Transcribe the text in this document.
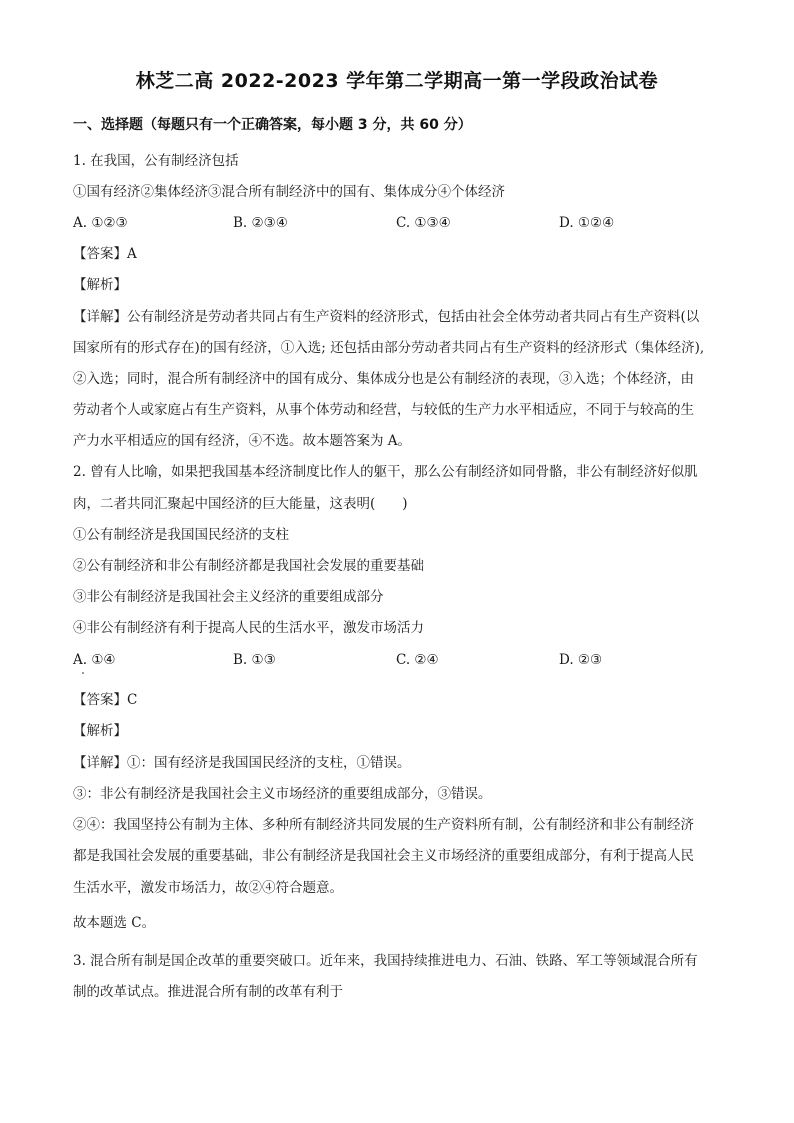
林芝二高 2022-2023 学年第二学期高一第一学段政治试卷
一、选择题（每题只有一个正确答案，每小题 3 分，共 60 分）
1. 在我国，公有制经济包括
①国有经济②集体经济③混合所有制经济中的国有、集体成分④个体经济
A. ①②③	B. ②③④	C. ①③④	D. ①②④
【答案】A
【解析】
【详解】公有制经济是劳动者共同占有生产资料的经济形式，包括由社会全体劳动者共同占有生产资料(以
国家所有的形式存在)的国有经济，①入选; 还包括由部分劳动者共同占有生产资料的经济形式（集体经济),
②入选；同时，混合所有制经济中的国有成分、集体成分也是公有制经济的表现，③入选；个体经济，由
劳动者个人或家庭占有生产资料，从事个体劳动和经营，与较低的生产力水平相适应，不同于与较高的生
产力水平相适应的国有经济，④不选。故本题答案为 A。
2. 曾有人比喻，如果把我国基本经济制度比作人的躯干，那么公有制经济如同骨骼，非公有制经济好似肌
肉，二者共同汇聚起中国经济的巨大能量，这表明(　　)
①公有制经济是我国国民经济的支柱
②公有制经济和非公有制经济都是我国社会发展的重要基础
③非公有制经济是我国社会主义经济的重要组成部分
④非公有制经济有利于提高人民的生活水平，激发市场活力
A. ①④	B. ①③	C. ②④	D. ②③
【答案】C
【解析】
【详解】①：国有经济是我国国民经济的支柱，①错误。
③：非公有制经济是我国社会主义市场经济的重要组成部分，③错误。
②④：我国坚持公有制为主体、多种所有制经济共同发展的生产资料所有制，公有制经济和非公有制经济
都是我国社会发展的重要基础，非公有制经济是我国社会主义市场经济的重要组成部分，有利于提高人民
生活水平，激发市场活力，故②④符合题意。
故本题选 C。
3. 混合所有制是国企改革的重要突破口。近年来，我国持续推进电力、石油、铁路、军工等领域混合所有
制的改革试点。推进混合所有制的改革有利于
